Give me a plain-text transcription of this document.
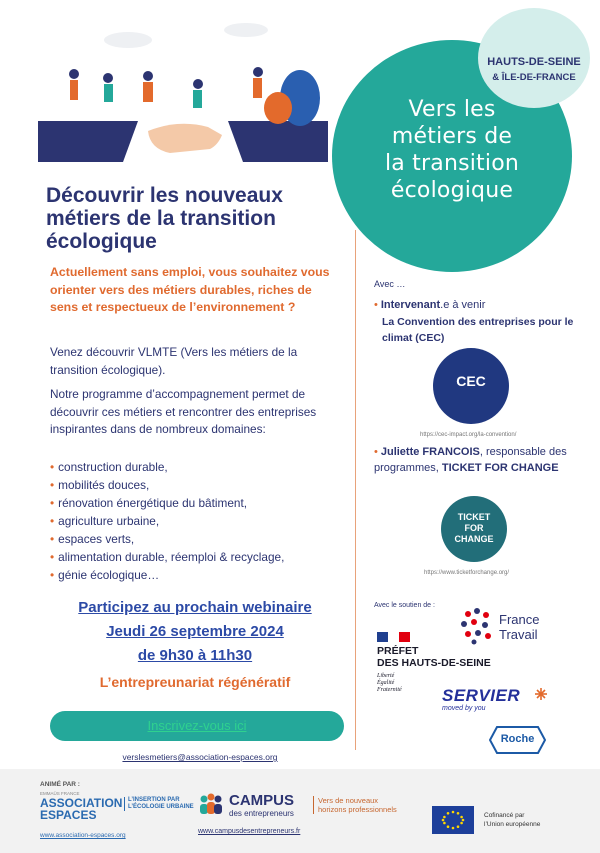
Vers les
métiers de
la transition
écologique
HAUTS-DE-SEINE
& ÎLE-DE-FRANCE
Découvrir les nouveaux
métiers de la transition
écologique
Actuellement sans emploi, vous souhaitez vous orienter vers des métiers durables, riches de sens et respectueux de l’environnement ?
Venez découvrir VLMTE (Vers les métiers de la transition écologique).
Notre programme d’accompagnement permet de découvrir ces métiers et rencontrer des entreprises inspirantes dans de nombreux domaines:
• construction durable,
• mobilités douces,
• rénovation énergétique du bâtiment,
• agriculture urbaine,
• espaces verts,
• alimentation durable, réemploi & recyclage,
• génie écologique…
Participez au prochain webinaire
Jeudi 26 septembre 2024
de 9h30 à 11h30
L’entrepreunariat régénératif
Inscrivez-vous ici
verslesmetiers@association-espaces.org
Avec …
• Intervenant.e à venir
La Convention des entreprises pour le climat (CEC)
CEC
https://cec-impact.org/la-convention/
• Juliette FRANCOIS, responsable des programmes, TICKET FOR CHANGE
TICKET
FOR
CHANGE
https://www.ticketforchange.org/
Avec le soutien de :
France
Travail
PRÉFET
DES HAUTS-DE-SEINE
Liberté
Égalité
Fraternité SERVIER
moved by you
Roche
ANIMÉ PAR :
EMMAÜS FRANCE
ASSOCIATION
ESPACES
L’INSERTION PAR L’ÉCOLOGIE URBAINE
www.association-espaces.org
CAMPUS
des entrepreneurs
Vers de nouveaux horizons professionnels
www.campusdesentrepreneurs.fr
Cofinancé par
l’Union européenne
